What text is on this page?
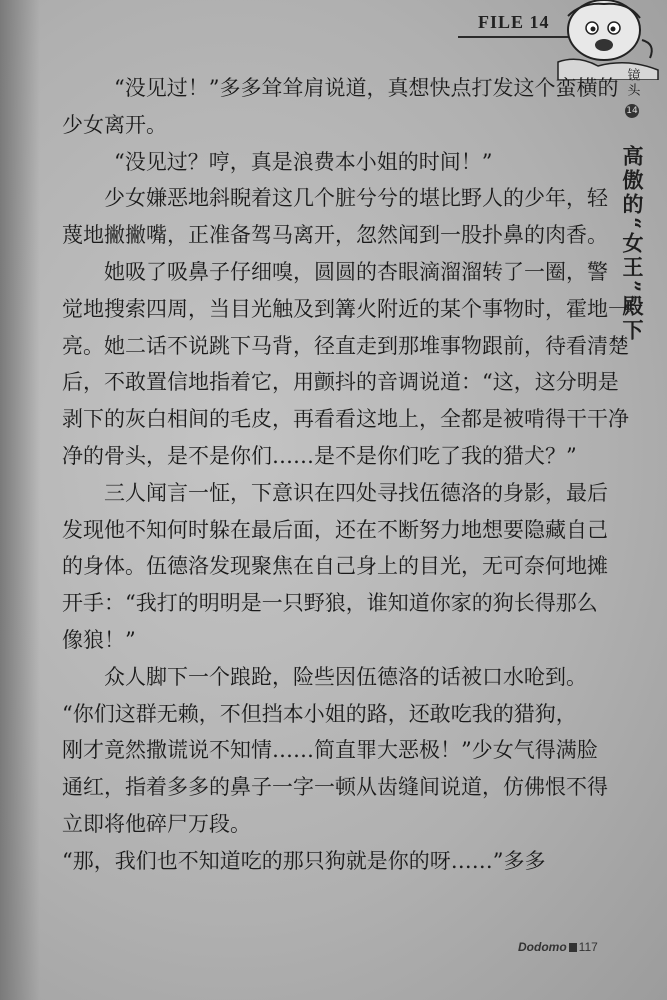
FILE 14
镜头
14
高傲的“女王”殿下
“没见过！”多多耸耸肩说道，真想快点打发这个蛮横的
少女离开。
“没见过？哼，真是浪费本小姐的时间！”
少女嫌恶地斜睨着这几个脏兮兮的堪比野人的少年，轻
蔑地撇撇嘴，正准备驾马离开，忽然闻到一股扑鼻的肉香。
她吸了吸鼻子仔细嗅，圆圆的杏眼滴溜溜转了一圈，警
觉地搜索四周，当目光触及到篝火附近的某个事物时，霍地一
亮。她二话不说跳下马背，径直走到那堆事物跟前，待看清楚
后，不敢置信地指着它，用颤抖的音调说道：“这，这分明是
剥下的灰白相间的毛皮，再看看这地上，全都是被啃得干干净
净的骨头，是不是你们……是不是你们吃了我的猎犬？”
三人闻言一怔，下意识在四处寻找伍德洛的身影，最后
发现他不知何时躲在最后面，还在不断努力地想要隐藏自己
的身体。伍德洛发现聚焦在自己身上的目光，无可奈何地摊
开手：“我打的明明是一只野狼，谁知道你家的狗长得那么
像狼！”
众人脚下一个踉跄，险些因伍德洛的话被口水呛到。
“你们这群无赖，不但挡本小姐的路，还敢吃我的猎狗，
刚才竟然撒谎说不知情……简直罪大恶极！”少女气得满脸
通红，指着多多的鼻子一字一顿从齿缝间说道，仿佛恨不得
立即将他碎尸万段。
“那，我们也不知道吃的那只狗就是你的呀……”多多
Dodomo 117
